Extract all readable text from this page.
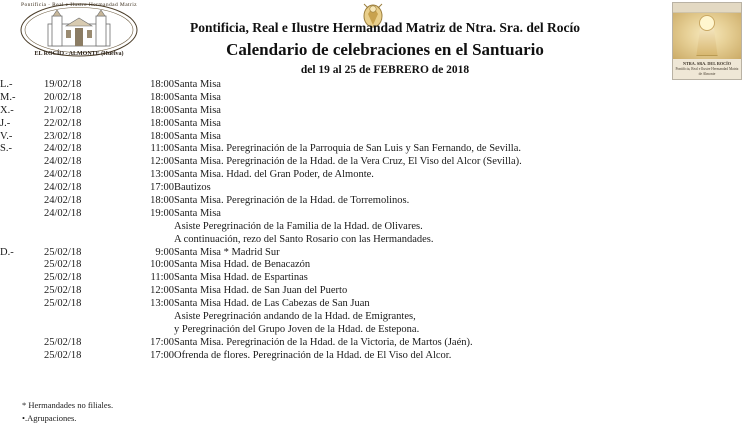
Pontificia · Real e Ilustre Hermandad Matriz
EL ROCÍO - ALMONTE (Huelva)
Pontificia, Real e Ilustre Hermandad Matriz de Ntra. Sra. del Rocío
Calendario de celebraciones en el Santuario
del 19 al 25 de FEBRERO de 2018
NTRA. SRA. DEL ROCÍO
Pontificia, Real e Ilustre Hermandad Matriz de Almonte
L.-	19/02/18	18:00	Santa Misa
M.-	20/02/18	18:00	Santa Misa
X.-	21/02/18	18:00	Santa Misa
J.-	22/02/18	18:00	Santa Misa
V.-	23/02/18	18:00	Santa Misa
S.-	24/02/18	11:00	Santa Misa. Peregrinación de la Parroquia de San Luis y San Fernando, de Sevilla.
	24/02/18	12:00	Santa Misa. Peregrinación de la Hdad. de la Vera Cruz, El Viso del Alcor (Sevilla).
	24/02/18	13:00	Santa Misa. Hdad. del Gran Poder, de Almonte.
	24/02/18	17:00	Bautizos
	24/02/18	18:00	Santa Misa. Peregrinación de la Hdad. de Torremolinos.
	24/02/18	19:00	Santa Misa
			Asiste Peregrinación de la Familia de la Hdad. de Olivares.
			A continuación, rezo del Santo Rosario con las Hermandades.
D.-	25/02/18	9:00	Santa Misa * Madrid Sur
	25/02/18	10:00	Santa Misa Hdad. de Benacazón
	25/02/18	11:00	Santa Misa Hdad. de Espartinas
	25/02/18	12:00	Santa Misa Hdad. de San Juan del Puerto
	25/02/18	13:00	Santa Misa Hdad. de Las Cabezas de San Juan
			Asiste Peregrinación andando de la Hdad. de Emigrantes,
			y Peregrinación del Grupo Joven de la Hdad. de Estepona.
	25/02/18	17:00	Santa Misa. Peregrinación de la Hdad. de la Victoria, de Martos (Jaén).
	25/02/18	17:00	Ofrenda de flores. Peregrinación de la Hdad. de El Viso del Alcor.
* Hermandades no filiales.
•.Agrupaciones.
